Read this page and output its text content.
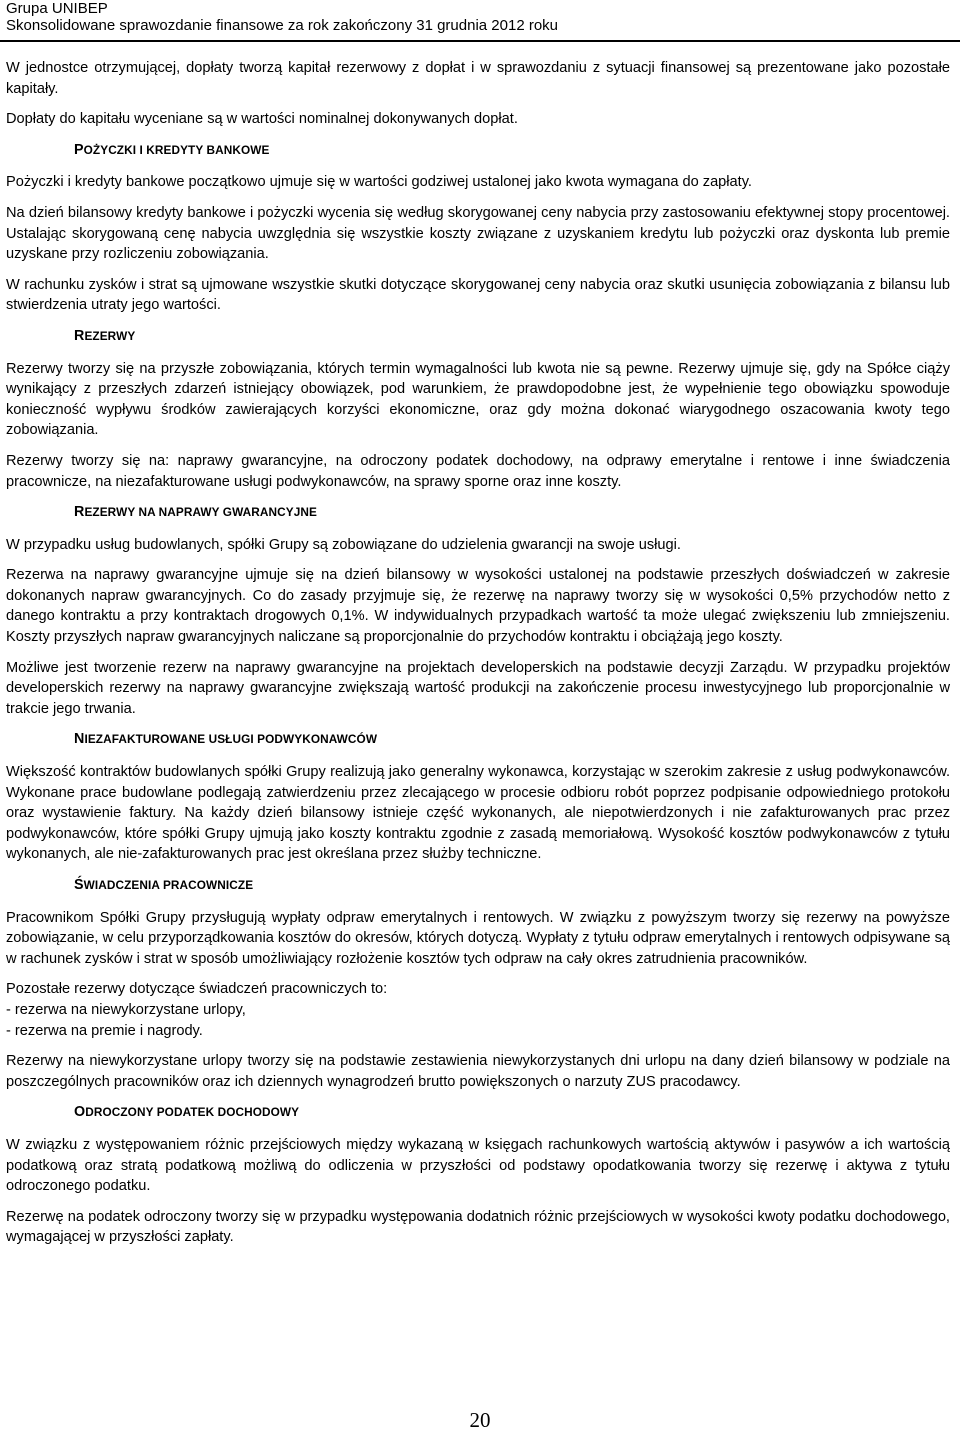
Grupa UNIBEP
Skonsolidowane sprawozdanie finansowe za rok zakończony 31 grudnia 2012 roku

W jednostce otrzymującej, dopłaty tworzą kapitał rezerwowy z dopłat i w sprawozdaniu z sytuacji finansowej są prezentowane jako pozostałe kapitały.

Dopłaty do kapitału wyceniane są w wartości nominalnej dokonywanych dopłat.

POŻYCZKI I KREDYTY BANKOWE

Pożyczki i kredyty bankowe początkowo ujmuje się w wartości godziwej ustalonej jako kwota wymagana do zapłaty.

Na dzień bilansowy kredyty bankowe i pożyczki wycenia się według skorygowanej ceny nabycia przy zastosowaniu efektywnej stopy procentowej. Ustalając skorygowaną cenę nabycia uwzględnia się wszystkie koszty związane z uzyskaniem kredytu lub pożyczki oraz dyskonta lub premie uzyskane przy rozliczeniu zobowiązania.

W rachunku zysków i strat są ujmowane wszystkie skutki dotyczące skorygowanej ceny nabycia oraz skutki usunięcia zobowiązania z bilansu lub stwierdzenia utraty jego wartości.

REZERWY

Rezerwy tworzy się na przyszłe zobowiązania, których termin wymagalności lub kwota nie są pewne. Rezerwy ujmuje się, gdy na Spółce ciąży wynikający z przeszłych zdarzeń istniejący obowiązek, pod warunkiem, że prawdopodobne jest, że wypełnienie tego obowiązku spowoduje konieczność wypływu środków zawierających korzyści ekonomiczne, oraz gdy można dokonać wiarygodnego oszacowania kwoty tego zobowiązania.

Rezerwy tworzy się na: naprawy gwarancyjne, na odroczony podatek dochodowy, na odprawy emerytalne i rentowe i inne świadczenia pracownicze, na niezafakturowane usługi podwykonawców, na sprawy sporne oraz inne koszty.

REZERWY NA NAPRAWY GWARANCYJNE

W przypadku usług budowlanych, spółki Grupy są zobowiązane do udzielenia gwarancji na swoje usługi.

Rezerwa na naprawy gwarancyjne ujmuje się na dzień bilansowy w wysokości ustalonej na podstawie przeszłych doświadczeń w zakresie dokonanych napraw gwarancyjnych. Co do zasady przyjmuje się, że rezerwę na naprawy tworzy się w wysokości 0,5% przychodów netto z danego kontraktu a przy kontraktach drogowych 0,1%. W indywidualnych przypadkach wartość ta może ulegać zwiększeniu lub zmniejszeniu. Koszty przyszłych napraw gwarancyjnych naliczane są proporcjonalnie do przychodów kontraktu i obciążają jego koszty.

Możliwe jest tworzenie rezerw na naprawy gwarancyjne na projektach developerskich na podstawie decyzji Zarządu. W przypadku projektów developerskich rezerwy na naprawy gwarancyjne zwiększają wartość produkcji na zakończenie procesu inwestycyjnego lub proporcjonalnie w trakcie jego trwania.

NIEZAFAKTUROWANE USŁUGI PODWYKONAWCÓW

Większość kontraktów budowlanych spółki Grupy realizują jako generalny wykonawca, korzystając w szerokim zakresie z usług podwykonawców. Wykonane prace budowlane podlegają zatwierdzeniu przez zlecającego w procesie odbioru robót poprzez podpisanie odpowiedniego protokołu oraz wystawienie faktury. Na każdy dzień bilansowy istnieje część wykonanych, ale niepotwierdzonych i nie zafakturowanych prac przez podwykonawców, które spółki Grupy ujmują jako koszty kontraktu zgodnie z zasadą memoriałową. Wysokość kosztów podwykonawców z tytułu wykonanych, ale nie-zafakturowanych prac jest określana przez służby techniczne.

ŚWIADCZENIA PRACOWNICZE

Pracownikom Spółki Grupy przysługują wypłaty odpraw emerytalnych i rentowych. W związku z powyższym tworzy się rezerwy na powyższe zobowiązanie, w celu przyporządkowania kosztów do okresów, których dotyczą. Wypłaty z tytułu odpraw emerytalnych i rentowych odpisywane są w rachunek zysków i strat w sposób umożliwiający rozłożenie kosztów tych odpraw na cały okres zatrudnienia pracowników.

Pozostałe rezerwy dotyczące świadczeń pracowniczych to:
- rezerwa na niewykorzystane urlopy,
- rezerwa na premie i nagrody.

Rezerwy na niewykorzystane urlopy tworzy się na podstawie zestawienia niewykorzystanych dni urlopu na dany dzień bilansowy w podziale na poszczególnych pracowników oraz ich dziennych wynagrodzeń brutto powiększonych o narzuty ZUS pracodawcy.

ODROCZONY PODATEK DOCHODOWY

W związku z występowaniem różnic przejściowych między wykazaną w księgach rachunkowych wartością aktywów i pasywów a ich wartością podatkową oraz stratą podatkową możliwą do odliczenia w przyszłości od podstawy opodatkowania tworzy się rezerwę i aktywa z tytułu odroczonego podatku.

Rezerwę na podatek odroczony tworzy się w przypadku występowania dodatnich różnic przejściowych w wysokości kwoty podatku dochodowego, wymagającej w przyszłości zapłaty.

20
